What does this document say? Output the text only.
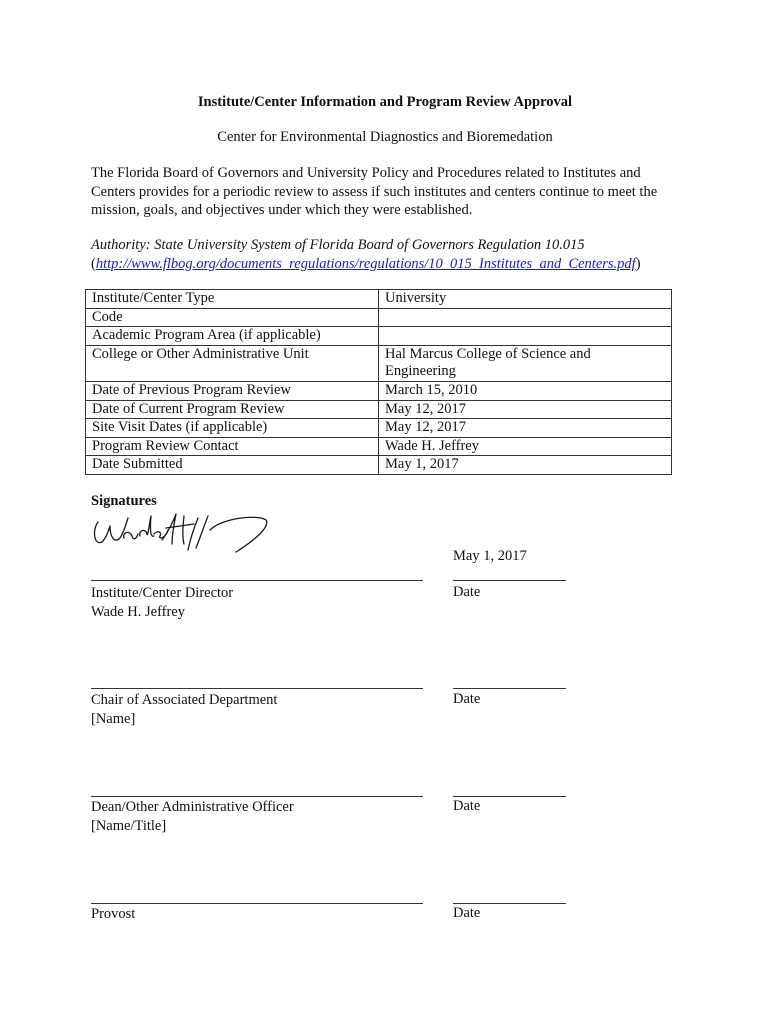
Institute/Center Information and Program Review Approval
Center for Environmental Diagnostics and Bioremedation
The Florida Board of Governors and University Policy and Procedures related to Institutes and Centers provides for a periodic review to assess if such institutes and centers continue to meet the mission, goals, and objectives under which they were established.
Authority: State University System of Florida Board of Governors Regulation 10.015
(http://www.flbog.org/documents_regulations/regulations/10_015_Institutes_and_Centers.pdf)
Institute/Center Type	University
Code	
Academic Program Area (if applicable)	
College or Other Administrative Unit	Hal Marcus College of Science and Engineering
Date of Previous Program Review	March 15, 2010
Date of Current Program Review	May 12, 2017
Site Visit Dates (if applicable)	May 12, 2017
Program Review Contact	Wade H. Jeffrey
Date Submitted	May 1, 2017
Signatures
May 1, 2017
Institute/Center Director
Wade H. Jeffrey
Date
Chair of Associated Department
[Name]
Date
Dean/Other Administrative Officer
[Name/Title]
Date
Provost	Date
